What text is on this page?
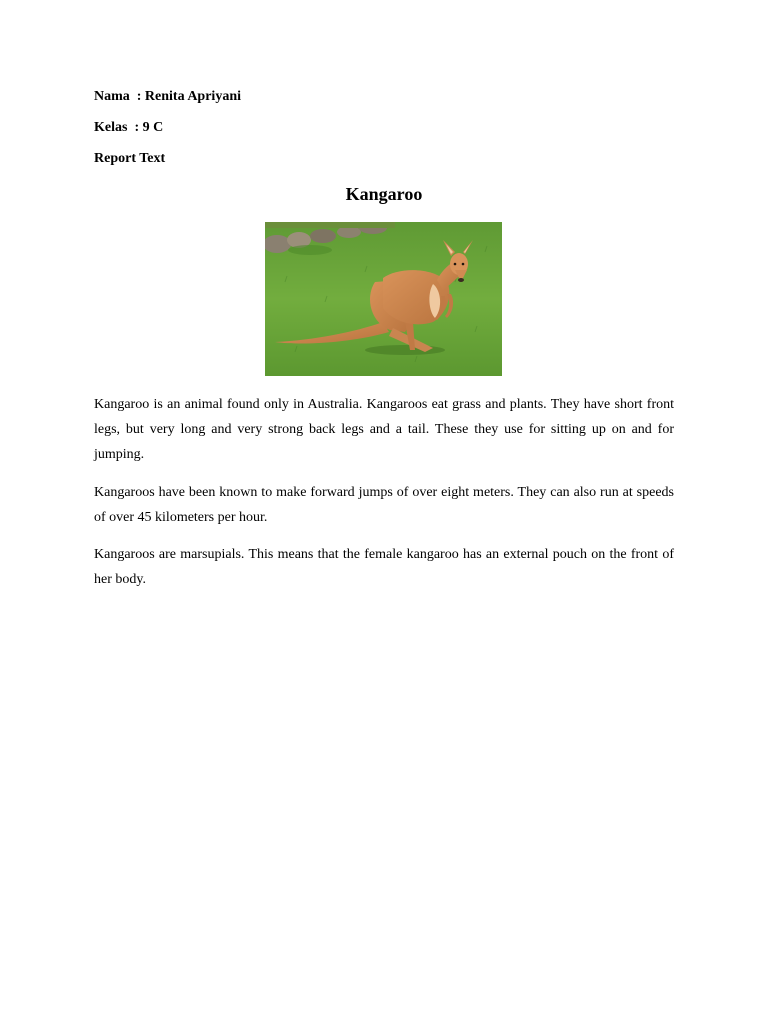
Nama  : Renita Apriyani
Kelas  : 9 C
Report Text
Kangaroo

Kangaroo is an animal found only in Australia. Kangaroos eat grass and plants. They have short front legs, but very long and very strong back legs and a tail. These they use for sitting up on and for jumping.

Kangaroos have been known to make forward jumps of over eight meters. They can also run at speeds of over 45 kilometers per hour.

Kangaroos are marsupials. This means that the female kangaroo has an external pouch on the front of her body.
